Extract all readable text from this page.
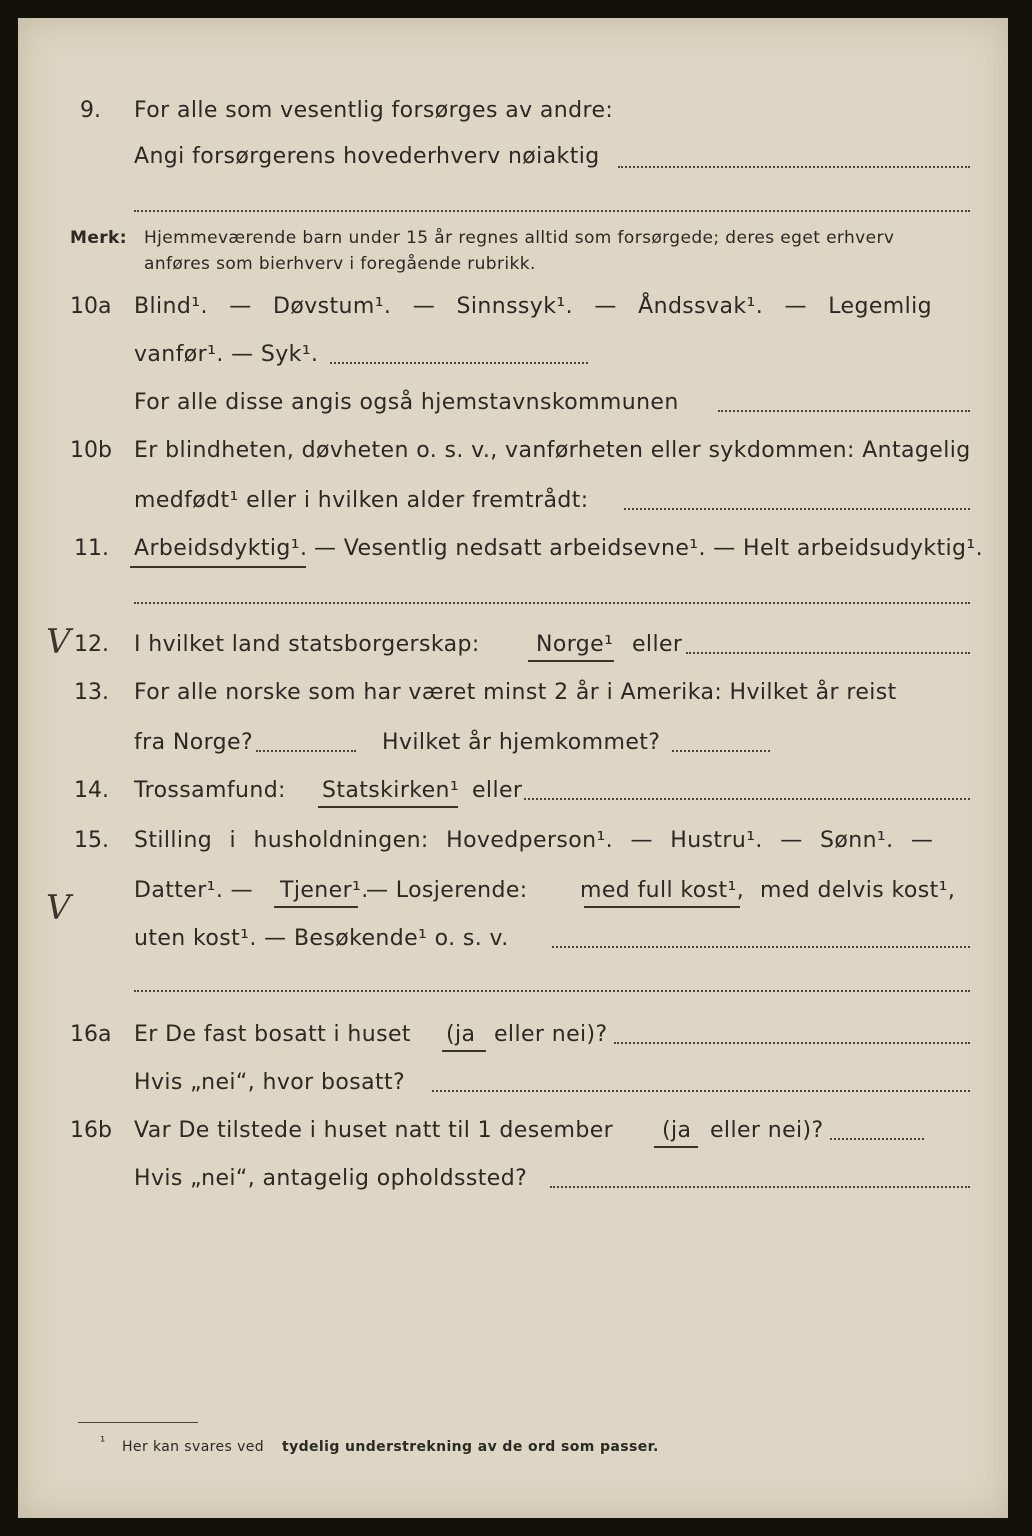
9. For alle som vesentlig forsørges av andre:
Angi forsørgerens hovederhverv nøiaktig
Merk: Hjemmeværende barn under 15 år regnes alltid som forsørgede; deres eget erhverv
anføres som bierhverv i foregående rubrikk.
10a Blind¹. — Døvstum¹. — Sinnssyk¹. — Åndssvak¹. — Legemlig
vanfør¹. — Syk¹.
For alle disse angis også hjemstavnskommunen
10b Er blindheten, døvheten o. s. v., vanførheten eller sykdommen: Antagelig
medfødt¹ eller i hvilken alder fremtrådt:
11. Arbeidsdyktig¹. — Vesentlig nedsatt arbeidsevne¹. — Helt arbeidsudyktig¹.
V 12. I hvilket land statsborgerskap:	Norge¹ eller
13. For alle norske som har været minst 2 år i Amerika: Hvilket år reist
fra Norge?	Hvilket år hjemkommet?
14. Trossamfund: Statskirken¹ eller
15. Stilling i husholdningen: Hovedperson¹. — Hustru¹. — Sønn¹. —
V	Datter¹. — Tjener¹.
— Losjerende: med full kost¹, med delvis kost¹,
uten kost¹. — Besøkende¹ o. s. v.
16a Er De fast bosatt i huset (ja eller nei)?
Hvis „nei“, hvor bosatt?
16b Var De tilstede i huset natt til 1 desember (ja eller nei)?
Hvis „nei“, antagelig opholdssted?
¹ Her kan svares ved tydelig understrekning av de ord som passer.
